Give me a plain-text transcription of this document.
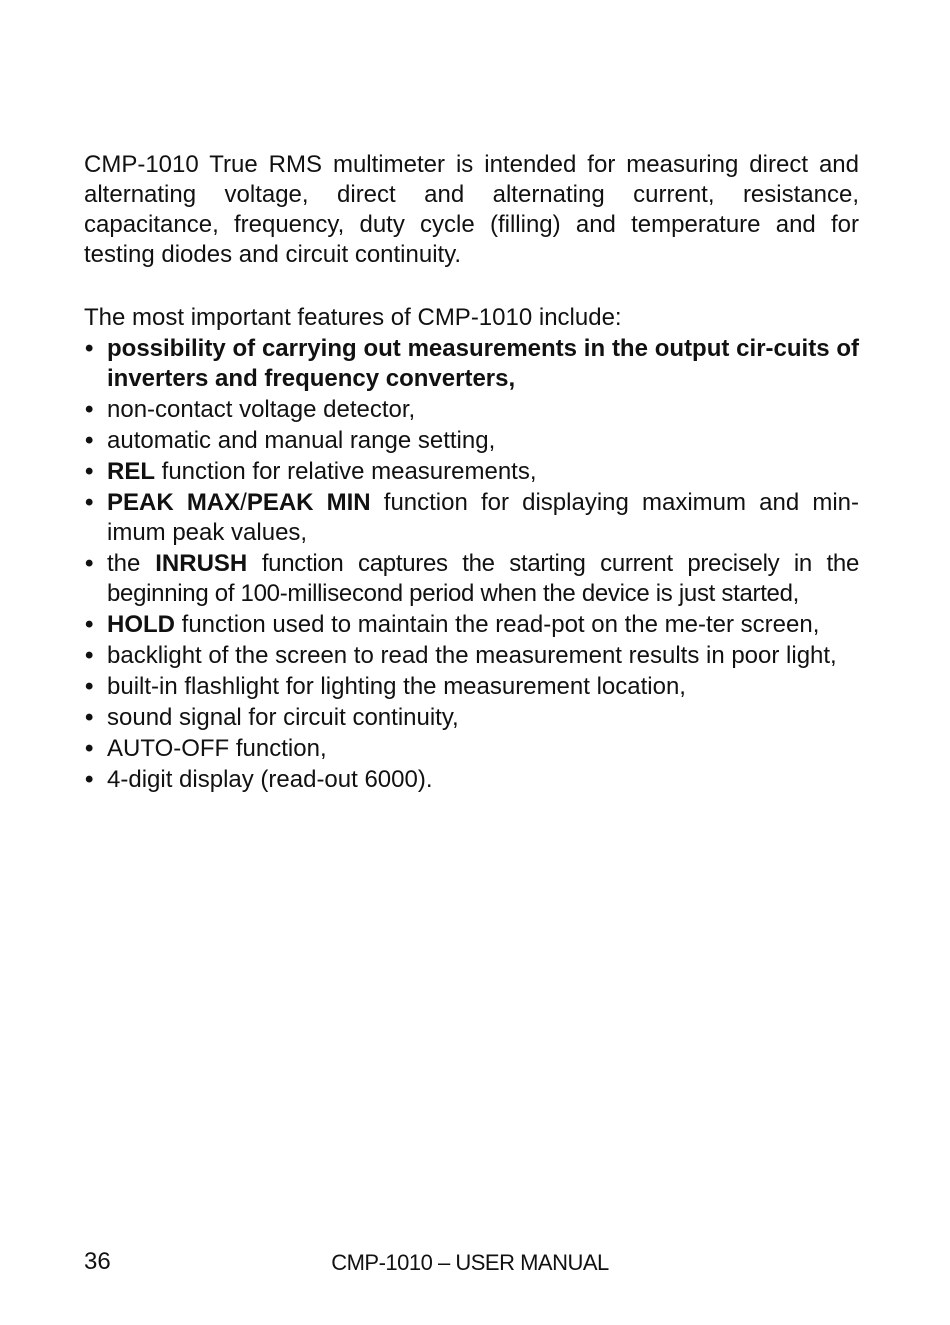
CMP-1010 True RMS multimeter is intended for measuring direct and alternating voltage, direct and alternating current, resistance, capacitance, frequency, duty cycle (filling) and temperature and for testing diodes and circuit continuity.

The most important features of CMP-1010 include:

• possibility of carrying out measurements in the output cir-cuits of inverters and frequency converters,
• non-contact voltage detector,
• automatic and manual range setting,
• REL function for relative measurements,
• PEAK MAX/PEAK MIN function for displaying maximum and min-imum peak values,
• the INRUSH function captures the starting current precisely in the beginning of 100-millisecond period when the device is just started,
• HOLD function used to maintain the read-pot on the me-ter screen,
• backlight of the screen to read the measurement results in poor light,
• built-in flashlight for lighting the measurement location,
• sound signal for circuit continuity,
• AUTO-OFF function,
• 4-digit display (read-out 6000).
36	CMP-1010 – USER MANUAL
